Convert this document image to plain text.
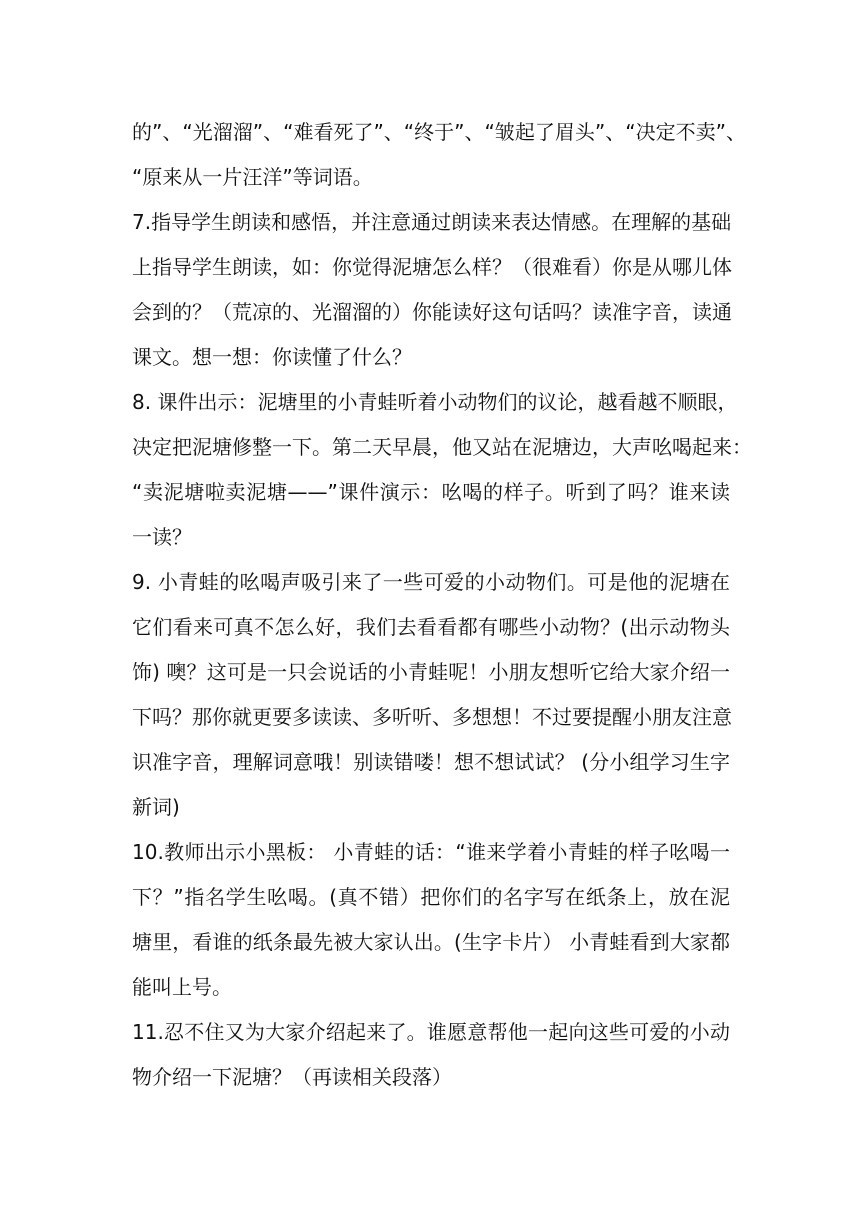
的”、“光溜溜”、“难看死了”、“终于”、“皱起了眉头”、“决定不卖”、
“原来从一片汪洋”等词语。
7.指导学生朗读和感悟，并注意通过朗读来表达情感。在理解的基础
上指导学生朗读，如：你觉得泥塘怎么样？（很难看）你是从哪儿体
会到的？（荒凉的、光溜溜的）你能读好这句话吗？读准字音，读通
课文。想一想：你读懂了什么？
8. 课件出示：泥塘里的小青蛙听着小动物们的议论，越看越不顺眼，
决定把泥塘修整一下。第二天早晨，他又站在泥塘边，大声吆喝起来：
“卖泥塘啦卖泥塘——”课件演示：吆喝的样子。听到了吗？谁来读
一读？
9. 小青蛙的吆喝声吸引来了一些可爱的小动物们。可是他的泥塘在
它们看来可真不怎么好，我们去看看都有哪些小动物？(出示动物头
饰) 噢？这可是一只会说话的小青蛙呢！小朋友想听它给大家介绍一
下吗？那你就更要多读读、多听听、多想想！不过要提醒小朋友注意
识准字音，理解词意哦！别读错喽！想不想试试？ (分小组学习生字
新词)
10.教师出示小黑板： 小青蛙的话：“谁来学着小青蛙的样子吆喝一
下？”指名学生吆喝。(真不错）把你们的名字写在纸条上，放在泥
塘里，看谁的纸条最先被大家认出。(生字卡片） 小青蛙看到大家都
能叫上号。
11.忍不住又为大家介绍起来了。谁愿意帮他一起向这些可爱的小动
物介绍一下泥塘？（再读相关段落）
